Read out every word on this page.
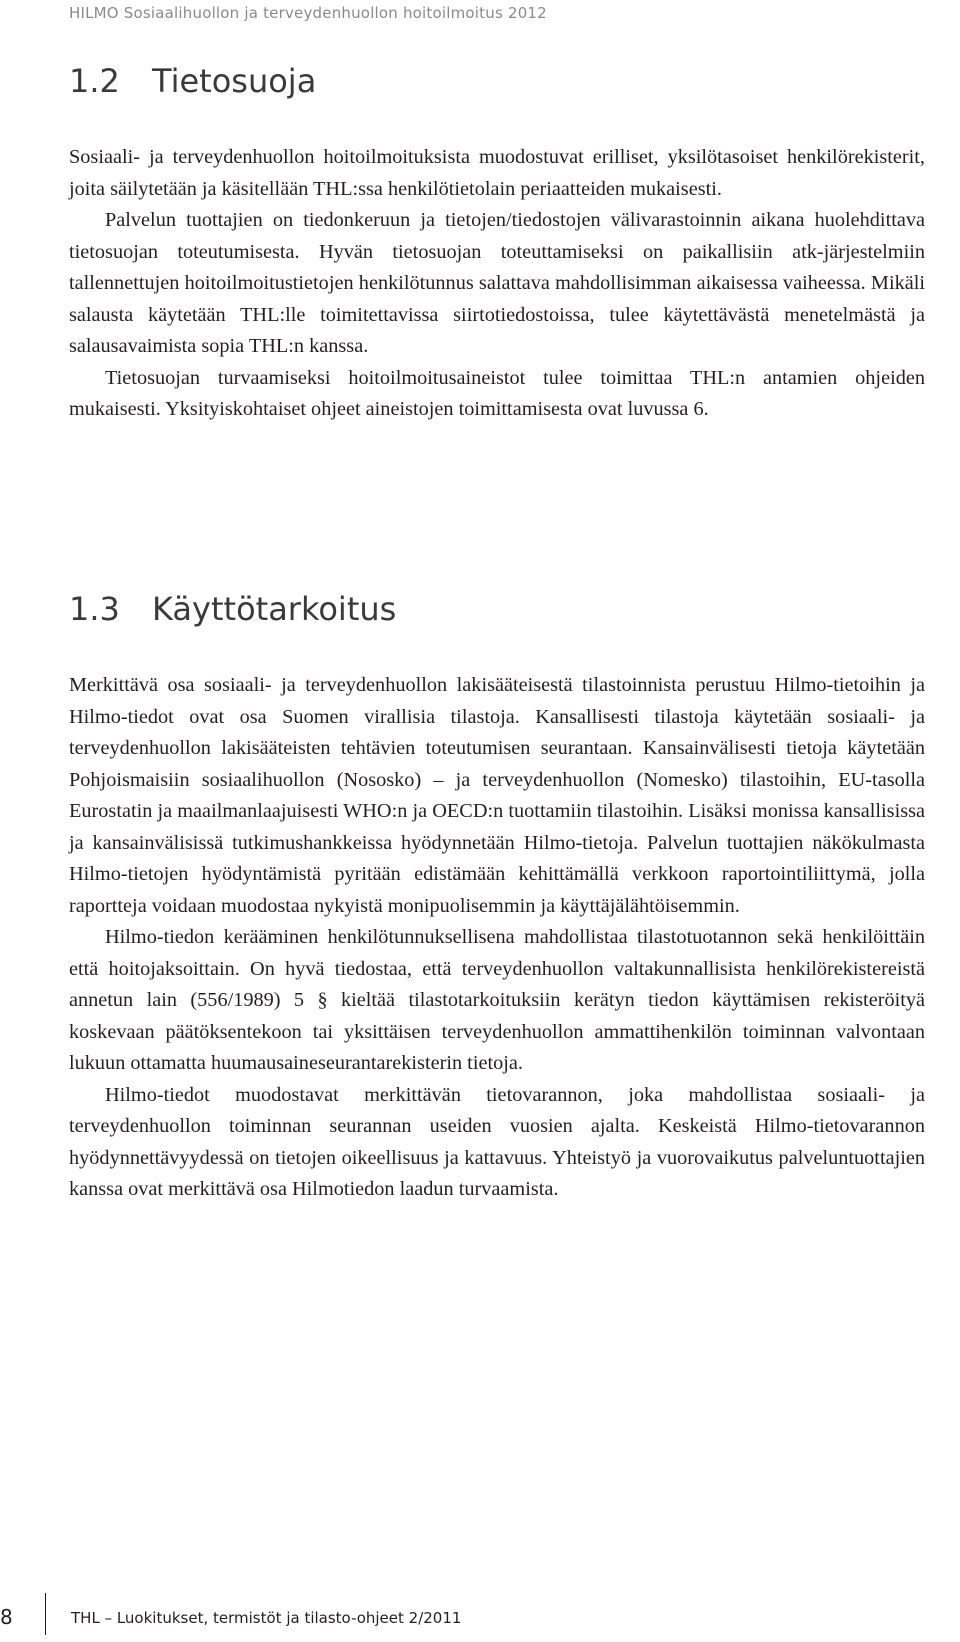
HILMO Sosiaalihuollon ja terveydenhuollon hoitoilmoitus 2012
1.2	Tietosuoja

Sosiaali- ja terveydenhuollon hoitoilmoituksista muodostuvat erilliset, yksilötasoiset henkilörekisterit, joita säilytetään ja käsitellään THL:ssa henkilötietolain periaatteiden mukaisesti.

Palvelun tuottajien on tiedonkeruun ja tietojen/tiedostojen välivarastoinnin aikana huolehdittava tietosuojan toteutumisesta. Hyvän tietosuojan toteuttamiseksi on paikallisiin atk-järjestelmiin tallennettujen hoitoilmoitustietojen henkilötunnus salattava mahdollisimman aikaisessa vaiheessa. Mikäli salausta käytetään THL:lle toimitettavissa siirtotiedostoissa, tulee käytettävästä menetelmästä ja salausavaimista sopia THL:n kanssa.

Tietosuojan turvaamiseksi hoitoilmoitusaineistot tulee toimittaa THL:n antamien ohjeiden mukaisesti. Yksityiskohtaiset ohjeet aineistojen toimittamisesta ovat luvussa 6.

1.3	Käyttötarkoitus

Merkittävä osa sosiaali- ja terveydenhuollon lakisääteisestä tilastoinnista perustuu Hilmo-tietoihin ja Hilmo-tiedot ovat osa Suomen virallisia tilastoja. Kansallisesti tilastoja käytetään sosiaali- ja terveydenhuollon lakisääteisten tehtävien toteutumisen seurantaan. Kansainvälisesti tietoja käytetään Pohjoismaisiin sosiaalihuollon (Nososko) – ja terveydenhuollon (Nomesko) tilastoihin, EU-tasolla Eurostatin ja maailmanlaajuisesti WHO:n ja OECD:n tuottamiin tilastoihin. Lisäksi monissa kansallisissa ja kansainvälisissä tutkimushankkeissa hyödynnetään Hilmo-tietoja. Palvelun tuottajien näkökulmasta Hilmo-tietojen hyödyntämistä pyritään edistämään kehittämällä verkkoon raportointiliittymä, jolla raportteja voidaan muodostaa nykyistä monipuolisemmin ja käyttäjälähtöisemmin.

Hilmo-tiedon kerääminen henkilötunnuksellisena mahdollistaa tilastotuotannon sekä henkilöittäin että hoitojaksoittain. On hyvä tiedostaa, että terveydenhuollon valtakunnallisista henkilörekistereistä annetun lain (556/1989) 5 § kieltää tilastotarkoituksiin kerätyn tiedon käyttämisen rekisteröityä koskevaan päätöksentekoon tai yksittäisen terveydenhuollon ammattihenkilön toiminnan valvontaan lukuun ottamatta huumausaineseurantarekisterin tietoja.

Hilmo-tiedot muodostavat merkittävän tietovarannon, joka mahdollistaa sosiaali- ja terveydenhuollon toiminnan seurannan useiden vuosien ajalta. Keskeistä Hilmo-tietovarannon hyödynnettävyydessä on tietojen oikeellisuus ja kattavuus. Yhteistyö ja vuorovaikutus palveluntuottajien kanssa ovat merkittävä osa Hilmotiedon laadun turvaamista.

8	THL – Luokitukset, termistöt ja tilasto-ohjeet 2/2011
